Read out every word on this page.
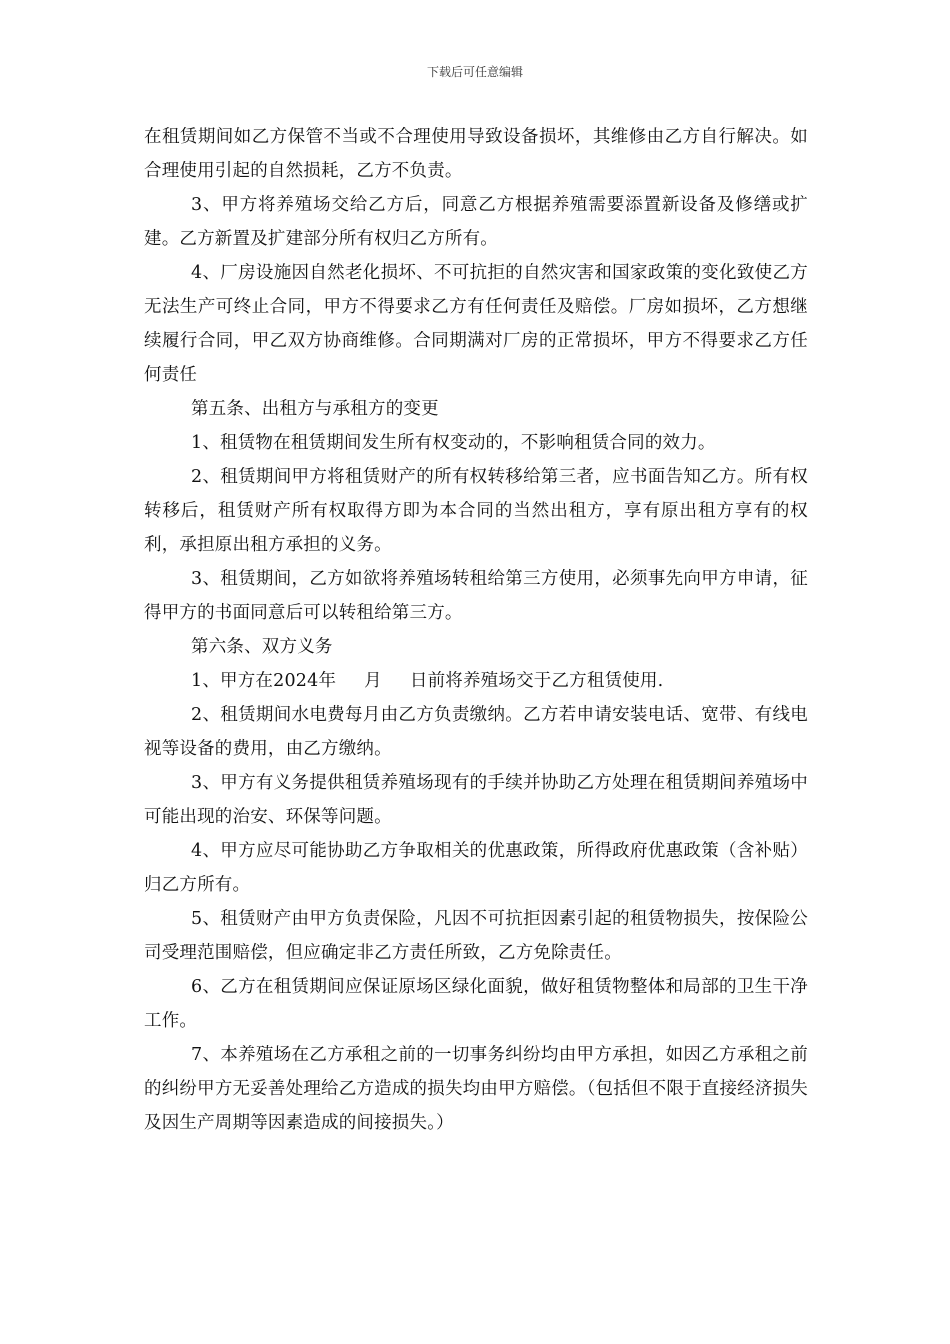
下载后可任意编辑

在租赁期间如乙方保管不当或不合理使用导致设备损坏，其维修由乙方自行解决。如合理使用引起的自然损耗，乙方不负责。

3、甲方将养殖场交给乙方后，同意乙方根据养殖需要添置新设备及修缮或扩建。乙方新置及扩建部分所有权归乙方所有。

4、厂房设施因自然老化损坏、不可抗拒的自然灾害和国家政策的变化致使乙方无法生产可终止合同，甲方不得要求乙方有任何责任及赔偿。厂房如损坏，乙方想继续履行合同，甲乙双方协商维修。合同期满对厂房的正常损坏，甲方不得要求乙方任何责任

第五条、出租方与承租方的变更

1、租赁物在租赁期间发生所有权变动的，不影响租赁合同的效力。

2、租赁期间甲方将租赁财产的所有权转移给第三者，应书面告知乙方。所有权转移后，租赁财产所有权取得方即为本合同的当然出租方，享有原出租方享有的权利，承担原出租方承担的义务。

3、租赁期间，乙方如欲将养殖场转租给第三方使用，必须事先向甲方申请，征得甲方的书面同意后可以转租给第三方。

第六条、双方义务

1、甲方在2024年 月 日前将养殖场交于乙方租赁使用.

2、租赁期间水电费每月由乙方负责缴纳。乙方若申请安装电话、宽带、有线电视等设备的费用，由乙方缴纳。

3、甲方有义务提供租赁养殖场现有的手续并协助乙方处理在租赁期间养殖场中可能出现的治安、环保等问题。

4、甲方应尽可能协助乙方争取相关的优惠政策，所得政府优惠政策（含补贴）归乙方所有。

5、租赁财产由甲方负责保险，凡因不可抗拒因素引起的租赁物损失，按保险公司受理范围赔偿，但应确定非乙方责任所致，乙方免除责任。

6、乙方在租赁期间应保证原场区绿化面貌，做好租赁物整体和局部的卫生干净工作。

7、本养殖场在乙方承租之前的一切事务纠纷均由甲方承担，如因乙方承租之前的纠纷甲方无妥善处理给乙方造成的损失均由甲方赔偿。（包括但不限于直接经济损失及因生产周期等因素造成的间接损失。）
